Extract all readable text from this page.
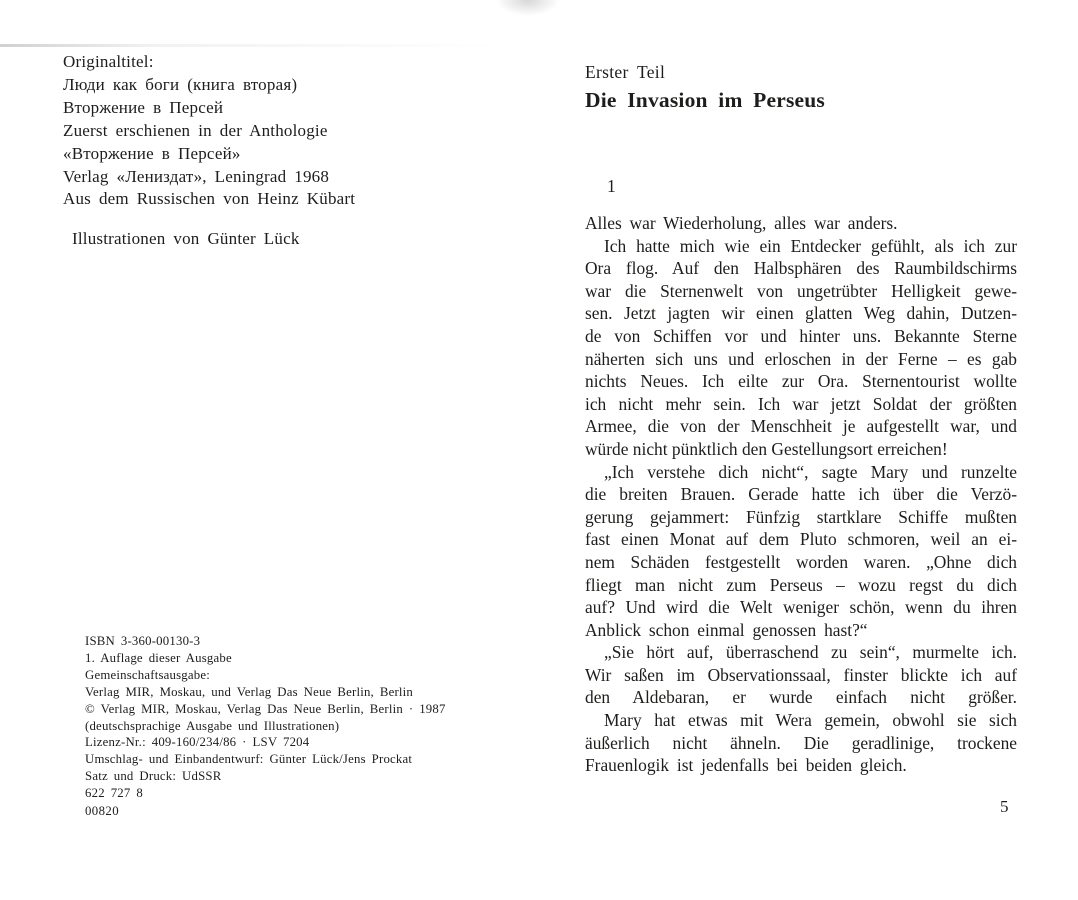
Originaltitel:
Люди как боги (книга вторая)
Вторжение в Персей
Zuerst erschienen in der Anthologie
«Вторжение в Персей»
Verlag «Лениздат», Leningrad 1968
Aus dem Russischen von Heinz Kübart
Illustrationen von Günter Lück
ISBN 3-360-00130-3
1. Auflage dieser Ausgabe
Gemeinschaftsausgabe:
Verlag MIR, Moskau, und Verlag Das Neue Berlin, Berlin
© Verlag MIR, Moskau, Verlag Das Neue Berlin, Berlin · 1987
(deutschsprachige Ausgabe und Illustrationen)
Lizenz-Nr.: 409-160/234/86 · LSV 7204
Umschlag- und Einbandentwurf: Günter Lück/Jens Prockat
Satz und Druck: UdSSR
622 727 8
00820
Erster Teil
Die Invasion im Perseus
1
Alles war Wiederholung, alles war anders.
Ich hatte mich wie ein Entdecker gefühlt, als ich zur
Ora flog. Auf den Halbsphären des Raumbildschirms
war die Sternenwelt von ungetrübter Helligkeit gewe-
sen. Jetzt jagten wir einen glatten Weg dahin, Dutzen-
de von Schiffen vor und hinter uns. Bekannte Sterne
näherten sich uns und erloschen in der Ferne – es gab
nichts Neues. Ich eilte zur Ora. Sternentourist wollte
ich nicht mehr sein. Ich war jetzt Soldat der größten
Armee, die von der Menschheit je aufgestellt war, und
würde nicht pünktlich den Gestellungsort erreichen!
„Ich verstehe dich nicht“, sagte Mary und runzelte
die breiten Brauen. Gerade hatte ich über die Verzö-
gerung gejammert: Fünfzig startklare Schiffe mußten
fast einen Monat auf dem Pluto schmoren, weil an ei-
nem Schäden festgestellt worden waren. „Ohne dich
fliegt man nicht zum Perseus – wozu regst du dich
auf? Und wird die Welt weniger schön, wenn du ihren
Anblick schon einmal genossen hast?“
„Sie hört auf, überraschend zu sein“, murmelte ich.
Wir saßen im Observationssaal, finster blickte ich auf
den Aldebaran, er wurde einfach nicht größer.
Mary hat etwas mit Wera gemein, obwohl sie sich
äußerlich nicht ähneln. Die geradlinige, trockene
Frauenlogik ist jedenfalls bei beiden gleich.
5
